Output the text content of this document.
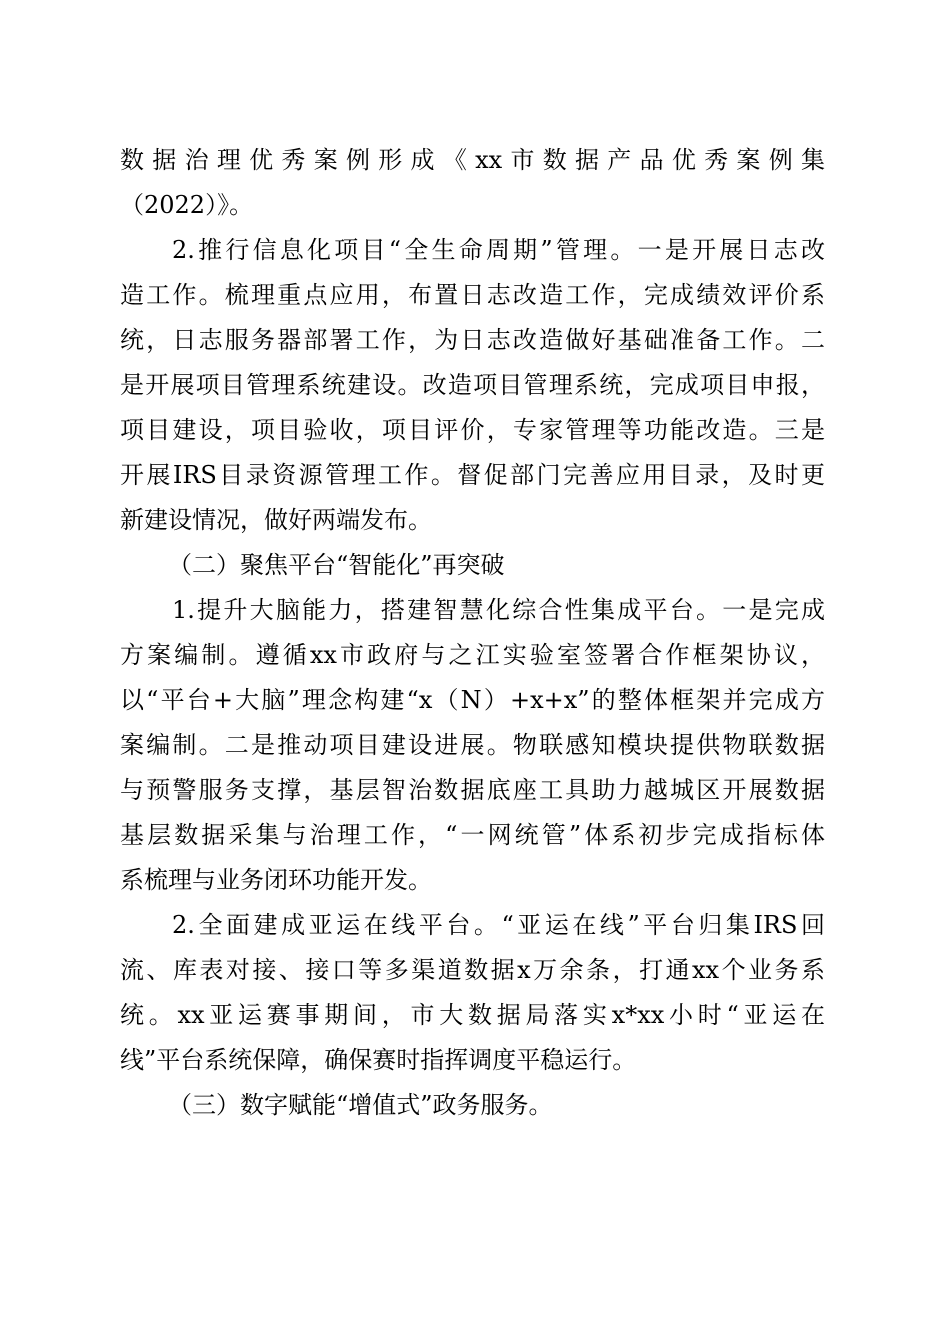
数据治理优秀案例形成《xx市数据产品优秀案例集
（2022）》。
2.推行信息化项目“全生命周期”管理。一是开展日志改
造工作。梳理重点应用，布置日志改造工作，完成绩效评价系
统，日志服务器部署工作，为日志改造做好基础准备工作。二
是开展项目管理系统建设。改造项目管理系统，完成项目申报，
项目建设，项目验收，项目评价，专家管理等功能改造。三是
开展IRS目录资源管理工作。督促部门完善应用目录，及时更
新建设情况，做好两端发布。
（二）聚焦平台“智能化”再突破
1.提升大脑能力，搭建智慧化综合性集成平台。一是完成
方案编制。遵循xx市政府与之江实验室签署合作框架协议，
以“平台+大脑”理念构建“x（N）+x+x”的整体框架并完成方
案编制。二是推动项目建设进展。物联感知模块提供物联数据
与预警服务支撑，基层智治数据底座工具助力越城区开展数据
基层数据采集与治理工作，“一网统管”体系初步完成指标体
系梳理与业务闭环功能开发。
2.全面建成亚运在线平台。“亚运在线”平台归集IRS回
流、库表对接、接口等多渠道数据x万余条，打通xx个业务系
统。xx亚运赛事期间，市大数据局落实x*xx小时“亚运在
线”平台系统保障，确保赛时指挥调度平稳运行。
（三）数字赋能“增值式”政务服务。
